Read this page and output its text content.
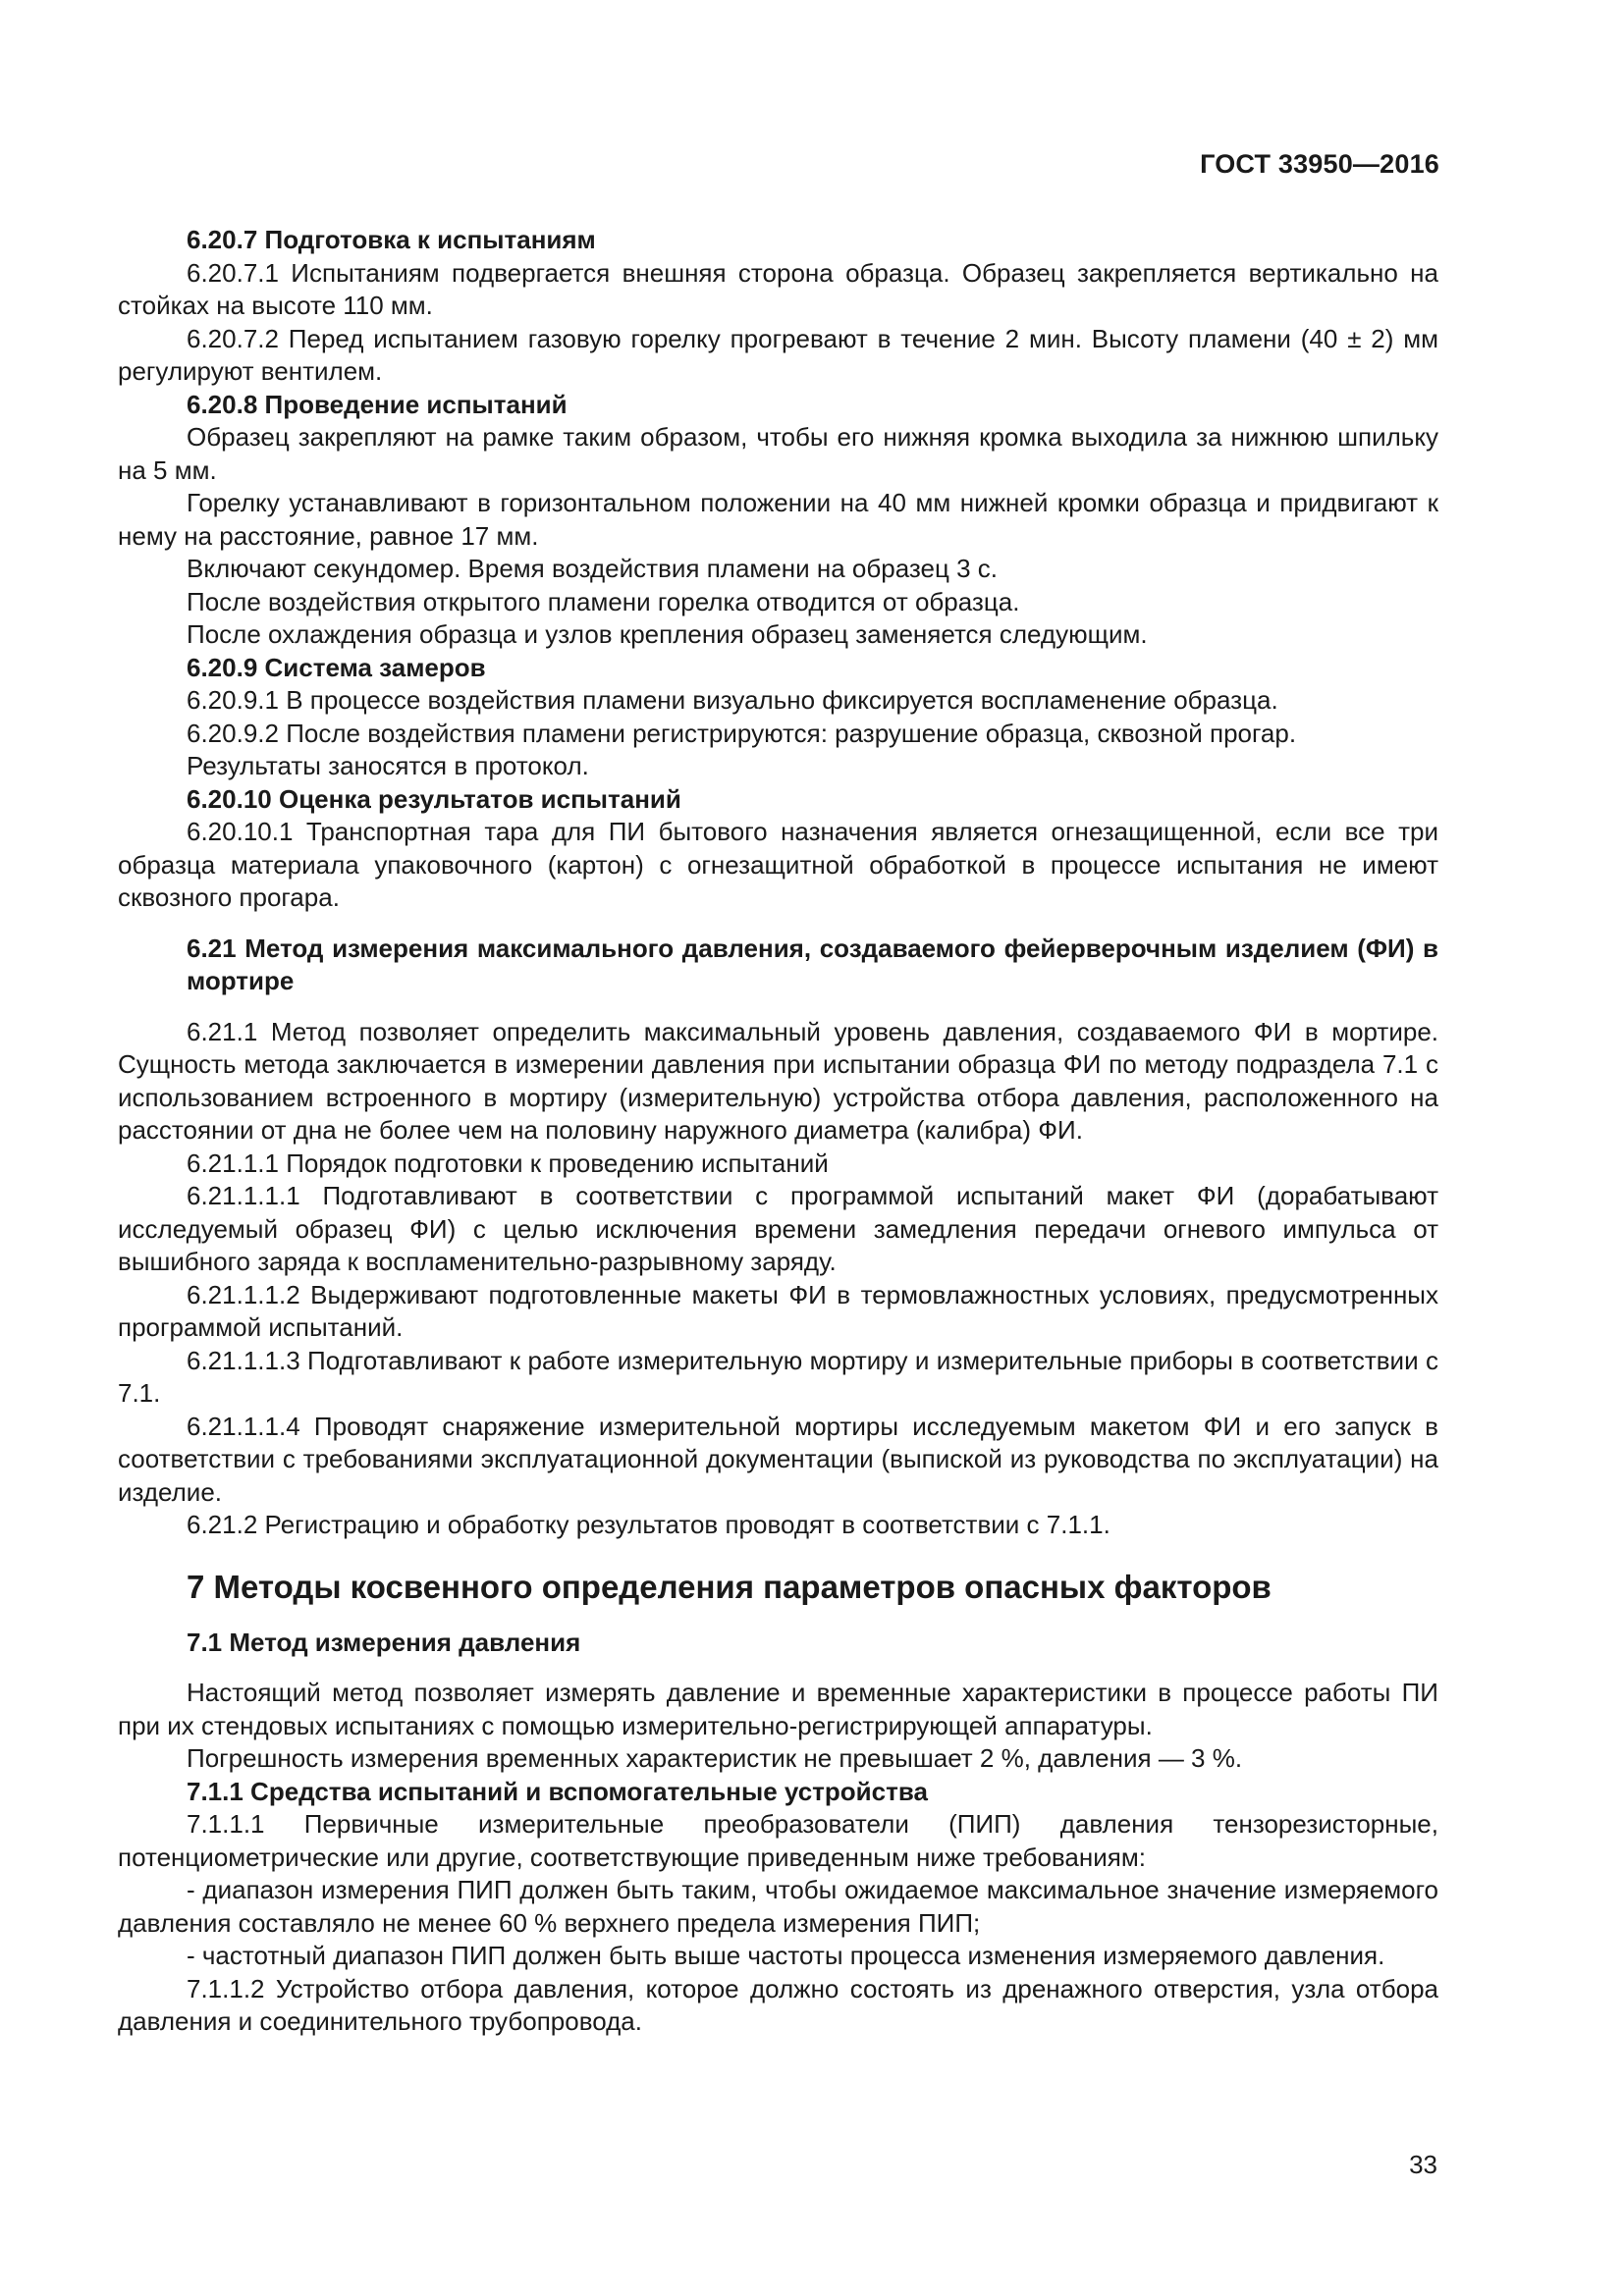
ГОСТ 33950—2016

6.20.7 Подготовка к испытаниям

6.20.7.1 Испытаниям подвергается внешняя сторона образца. Образец закрепляется вертикально на стойках на высоте 110 мм.

6.20.7.2 Перед испытанием газовую горелку прогревают в течение 2 мин. Высоту пламени (40 ± 2) мм регулируют вентилем.

6.20.8 Проведение испытаний

Образец закрепляют на рамке таким образом, чтобы его нижняя кромка выходила за нижнюю шпильку на 5 мм.

Горелку устанавливают в горизонтальном положении на 40 мм нижней кромки образца и придвигают к нему на расстояние, равное 17 мм.

Включают секундомер. Время воздействия пламени на образец 3 с.

После воздействия открытого пламени горелка отводится от образца.

После охлаждения образца и узлов крепления образец заменяется следующим.

6.20.9 Система замеров

6.20.9.1 В процессе воздействия пламени визуально фиксируется воспламенение образца.

6.20.9.2 После воздействия пламени регистрируются: разрушение образца, сквозной прогар.

Результаты заносятся в протокол.

6.20.10 Оценка результатов испытаний

6.20.10.1 Транспортная тара для ПИ бытового назначения является огнезащищенной, если все три образца материала упаковочного (картон) с огнезащитной обработкой в процессе испытания не имеют сквозного прогара.

6.21 Метод измерения максимального давления, создаваемого фейерверочным изделием (ФИ) в мортире

6.21.1 Метод позволяет определить максимальный уровень давления, создаваемого ФИ в мортире. Сущность метода заключается в измерении давления при испытании образца ФИ по методу подраздела 7.1 с использованием встроенного в мортиру (измерительную) устройства отбора давления, расположенного на расстоянии от дна не более чем на половину наружного диаметра (калибра) ФИ.

6.21.1.1 Порядок подготовки к проведению испытаний

6.21.1.1.1 Подготавливают в соответствии с программой испытаний макет ФИ (дорабатывают исследуемый образец ФИ) с целью исключения времени замедления передачи огневого импульса от вышибного заряда к воспламенительно-разрывному заряду.

6.21.1.1.2 Выдерживают подготовленные макеты ФИ в термовлажностных условиях, предусмотренных программой испытаний.

6.21.1.1.3 Подготавливают к работе измерительную мортиру и измерительные приборы в соответствии с 7.1.

6.21.1.1.4 Проводят снаряжение измерительной мортиры исследуемым макетом ФИ и его запуск в соответствии с требованиями эксплуатационной документации (выпиской из руководства по эксплуатации) на изделие.

6.21.2 Регистрацию и обработку результатов проводят в соответствии с 7.1.1.

7 Методы косвенного определения параметров опасных факторов

7.1 Метод измерения давления

Настоящий метод позволяет измерять давление и временные характеристики в процессе работы ПИ при их стендовых испытаниях с помощью измерительно-регистрирующей аппаратуры.

Погрешность измерения временных характеристик не превышает 2 %, давления — 3 %.

7.1.1 Средства испытаний и вспомогательные устройства

7.1.1.1 Первичные измерительные преобразователи (ПИП) давления тензорезисторные, потенциометрические или другие, соответствующие приведенным ниже требованиям:

- диапазон измерения ПИП должен быть таким, чтобы ожидаемое максимальное значение измеряемого давления составляло не менее 60 % верхнего предела измерения ПИП;

- частотный диапазон ПИП должен быть выше частоты процесса изменения измеряемого давления.

7.1.1.2 Устройство отбора давления, которое должно состоять из дренажного отверстия, узла отбора давления и соединительного трубопровода.

33
